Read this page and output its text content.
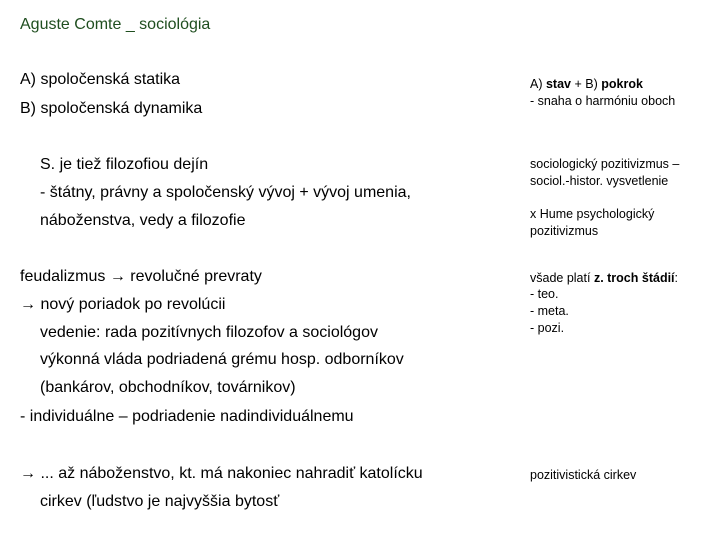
Aguste Comte _ sociológia
A) spoločenská statika
B) spoločenská dynamika
S. je tiež filozofiou dejín
- štátny, právny a spoločenský vývoj + vývoj umenia,
náboženstva, vedy a filozofie
feudalizmus → revolučné prevraty
→ nový poriadok po revolúcii
vedenie: rada pozitívnych filozofov a sociológov
výkonná vláda podriadená grému hosp. odborníkov
(bankárov, obchodníkov, továrnikov)
- individuálne – podriadenie nadindividuálnemu
→ ... až náboženstvo, kt. má nakoniec nahradiť katolícku
cirkev (ľudstvo je najvyššia bytosť
A) stav + B) pokrok
- snaha o harmóniu oboch
sociologický pozitivizmus –
sociol.-histor. vysvetlenie
x Hume psychologický
pozitivizmus
všade platí z. troch štádií:
- teo.
- meta.
- pozi.
pozitivistická cirkev
